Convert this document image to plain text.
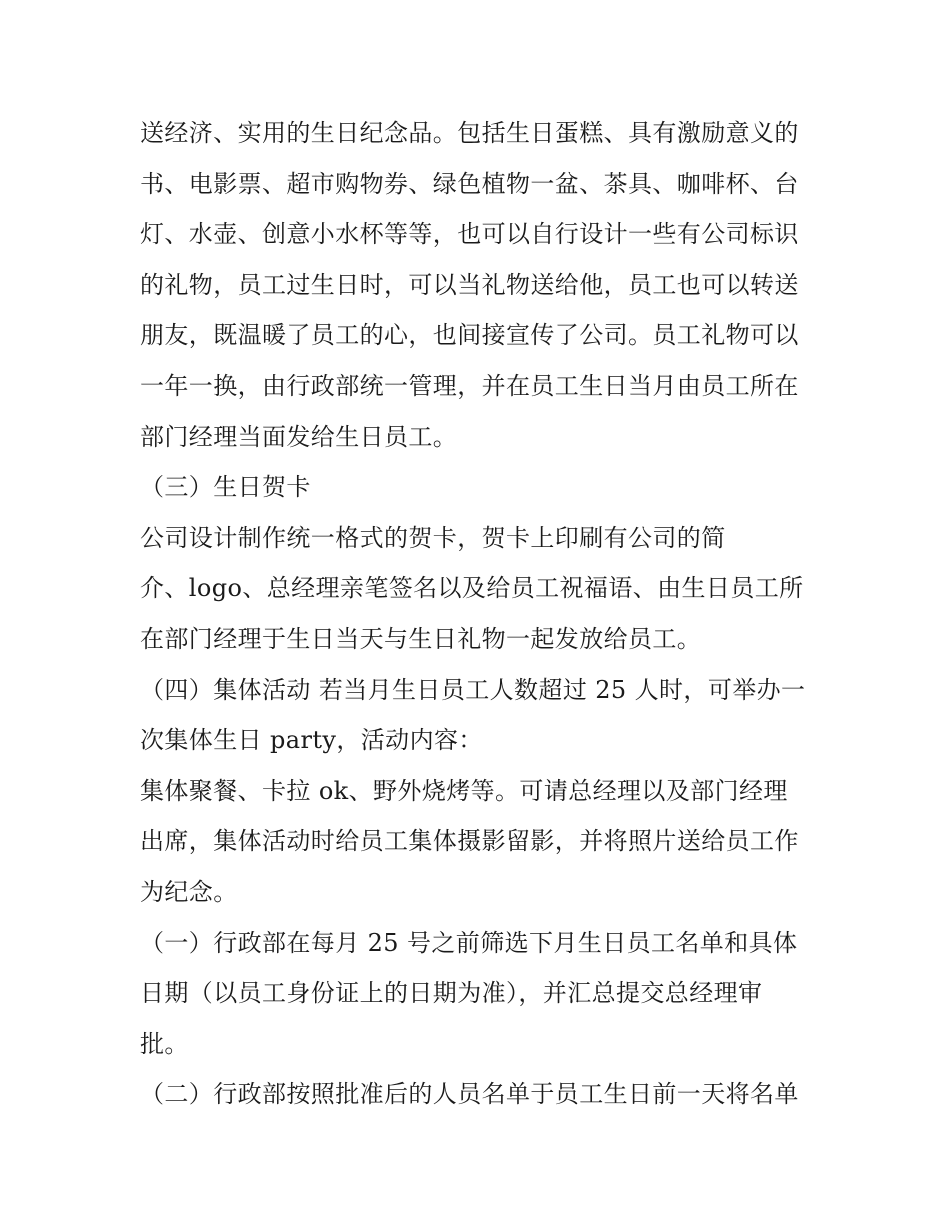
送经济、实用的生日纪念品。包括生日蛋糕、具有激励意义的
书、电影票、超市购物券、绿色植物一盆、茶具、咖啡杯、台
灯、水壶、创意小水杯等等，也可以自行设计一些有公司标识
的礼物，员工过生日时，可以当礼物送给他，员工也可以转送
朋友，既温暖了员工的心，也间接宣传了公司。员工礼物可以
一年一换，由行政部统一管理，并在员工生日当月由员工所在
部门经理当面发给生日员工。
（三）生日贺卡
公司设计制作统一格式的贺卡，贺卡上印刷有公司的简
介、logo、总经理亲笔签名以及给员工祝福语、由生日员工所
在部门经理于生日当天与生日礼物一起发放给员工。
（四）集体活动 若当月生日员工人数超过 25 人时，可举办一
次集体生日 party，活动内容：
集体聚餐、卡拉 ok、野外烧烤等。可请总经理以及部门经理
出席，集体活动时给员工集体摄影留影，并将照片送给员工作
为纪念。
（一）行政部在每月 25 号之前筛选下月生日员工名单和具体
日期（以员工身份证上的日期为准），并汇总提交总经理审
批。
（二）行政部按照批准后的人员名单于员工生日前一天将名单
